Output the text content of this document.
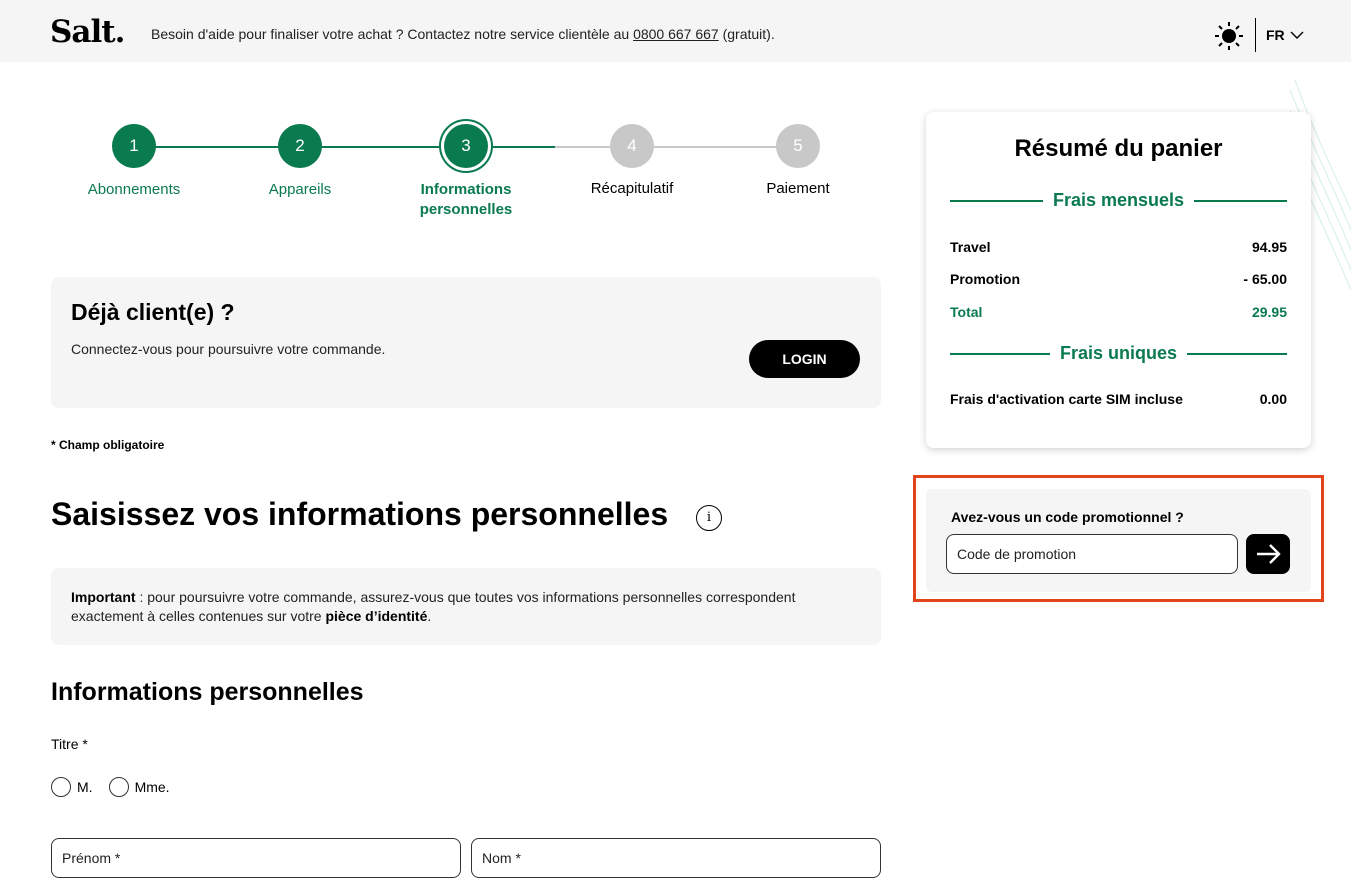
Salt. Besoin d'aide pour finaliser votre achat ? Contactez notre service clientèle au 0800 667 667 (gratuit).	FR
1
Abonnements
2
Appareils
3
Informations personnelles
4
Récapitulatif
5
Paiement
Déjà client(e) ?

Connectez-vous pour poursuivre votre commande.

LOGIN
* Champ obligatoire
Saisissez vos informations personnelles	i
Important : pour poursuivre votre commande, assurez-vous que toutes vos informations personnelles correspondent exactement à celles contenues sur votre pièce d’identité.
Informations personnelles
Titre *
M.	Mme.
Prénom *	Nom *
Résumé du panier
Frais mensuels
Travel	94.95
Promotion	- 65.00
Total	29.95
Frais uniques
Frais d'activation carte SIM incluse	0.00
Avez-vous un code promotionnel ?
Code de promotion
